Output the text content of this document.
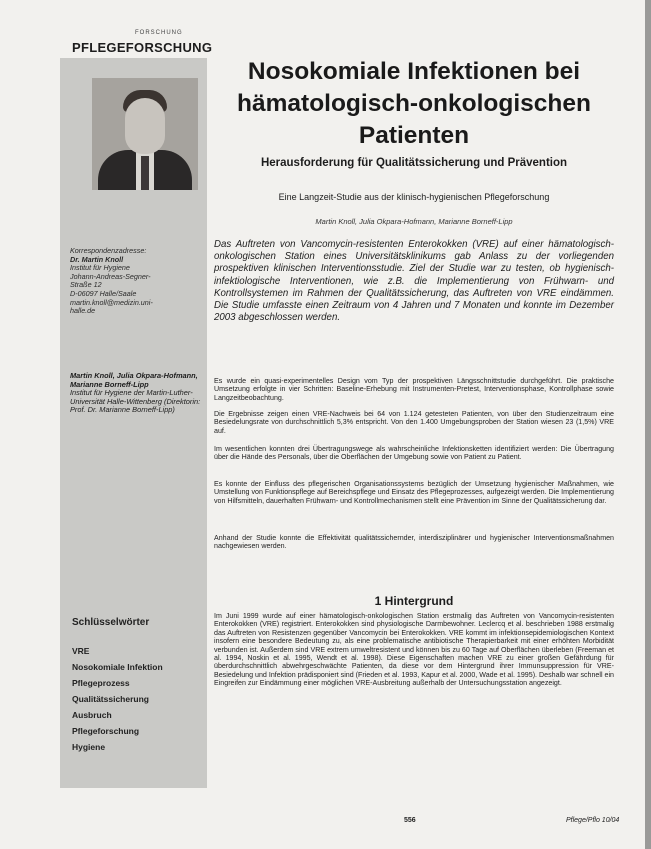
PFLEGEFORSCHUNG
FORSCHUNG
Korrespondenzadresse:
Dr. Martin Knoll
Institut für Hygiene
Johann-Andreas-Segner-
Straße 12
D-06097 Halle/Saale
martin.knoll@medizin.uni-
halle.de
Martin Knoll, Julia Okpara-Hofmann, Marianne Borneff-Lipp
Institut für Hygiene der Martin-Luther-Universität Halle-Wittenberg (Direktorin: Prof. Dr. Marianne Borneff-Lipp)
Schlüsselwörter
VRE
Nosokomiale Infektion
Pflegeprozess
Qualitätssicherung
Ausbruch
Pflegeforschung
Hygiene
Nosokomiale Infektionen bei hämatologisch-onkologischen Patienten
Herausforderung für Qualitätssicherung und Prävention
Eine Langzeit-Studie aus der klinisch-hygienischen Pflegeforschung
Martin Knoll, Julia Okpara-Hofmann, Marianne Borneff-Lipp
Das Auftreten von Vancomycin-resistenten Enterokokken (VRE) auf einer hämatologisch-onkologischen Station eines Universitätsklinikums gab Anlass zu der vorliegenden prospektiven klinischen Interventionsstudie. Ziel der Studie war zu testen, ob hygienisch-infektiologische Interventionen, wie z.B. die Implementierung von Frühwarn- und Kontrollsystemen im Rahmen der Qualitätssicherung, das Auftreten von VRE eindämmen. Die Studie umfasste einen Zeitraum von 4 Jahren und 7 Monaten und konnte im Dezember 2003 abgeschlossen werden.
Es wurde ein quasi-experimentelles Design vom Typ der prospektiven Längsschnittstudie durchgeführt. Die praktische Umsetzung erfolgte in vier Schritten: Baseline-Erhebung mit Instrumenten-Pretest, Interventionsphase, Kontrollphase sowie Langzeitbeobachtung.
Die Ergebnisse zeigen einen VRE-Nachweis bei 64 von 1.124 getesteten Patienten, von über den Studienzeitraum eine Besiedelungsrate von durchschnittlich 5,3% entspricht. Von den 1.400 Umgebungsproben der Station wiesen 23 (1,5%) VRE auf.
Im wesentlichen konnten drei Übertragungswege als wahrscheinliche Infektionsketten identifiziert werden: Die Übertragung über die Hände des Personals, über die Oberflächen der Umgebung sowie von Patient zu Patient.
Es konnte der Einfluss des pflegerischen Organisationssystems bezüglich der Umsetzung hygienischer Maßnahmen, wie Umstellung von Funktionspflege auf Bereichspflege und Einsatz des Pflegeprozesses, aufgezeigt werden. Die Implementierung von Hilfsmitteln, dauerhaften Frühwarn- und Kontrollmechanismen stellt eine Prävention im Sinne der Qualitätssicherung dar.
Anhand der Studie konnte die Effektivität qualitätssichernder, interdisziplinärer und hygienischer Interventionsmaßnahmen nachgewiesen werden.
1 Hintergrund
Im Juni 1999 wurde auf einer hämatologisch-onkologischen Station erstmalig das Auftreten von Vancomycin-resistenten Enterokokken (VRE) registriert. Enterokokken sind physiologische Darmbewohner. Leclercq et al. beschrieben 1988 erstmalig das Auftreten von Resistenzen gegenüber Vancomycin bei Enterokokken. VRE kommt im infektionsepidemiologischen Kontext insofern eine besondere Bedeutung zu, als eine problematische antibiotische Therapierbarkeit mit einer erhöhten Morbidität verbunden ist. Außerdem sind VRE extrem umweltresistent und können bis zu 60 Tage auf Oberflächen überleben (Freeman et al. 1994, Noskin et al. 1995, Wendt et al. 1998). Diese Eigenschaften machen VRE zu einer großen Gefährdung für überdurchschnittlich abwehrgeschwächte Patienten, da diese vor dem Hintergrund ihrer Immunsuppression für VRE-Besiedelung und Infektion prädisponiert sind (Frieden et al. 1993, Kapur et al. 2000, Wade et al. 1995). Deshalb war schnell ein Eingreifen zur Eindämmung einer möglichen VRE-Ausbreitung außerhalb der Untersuchungsstation angezeigt.
556	Pflege/Pflo 10/04
